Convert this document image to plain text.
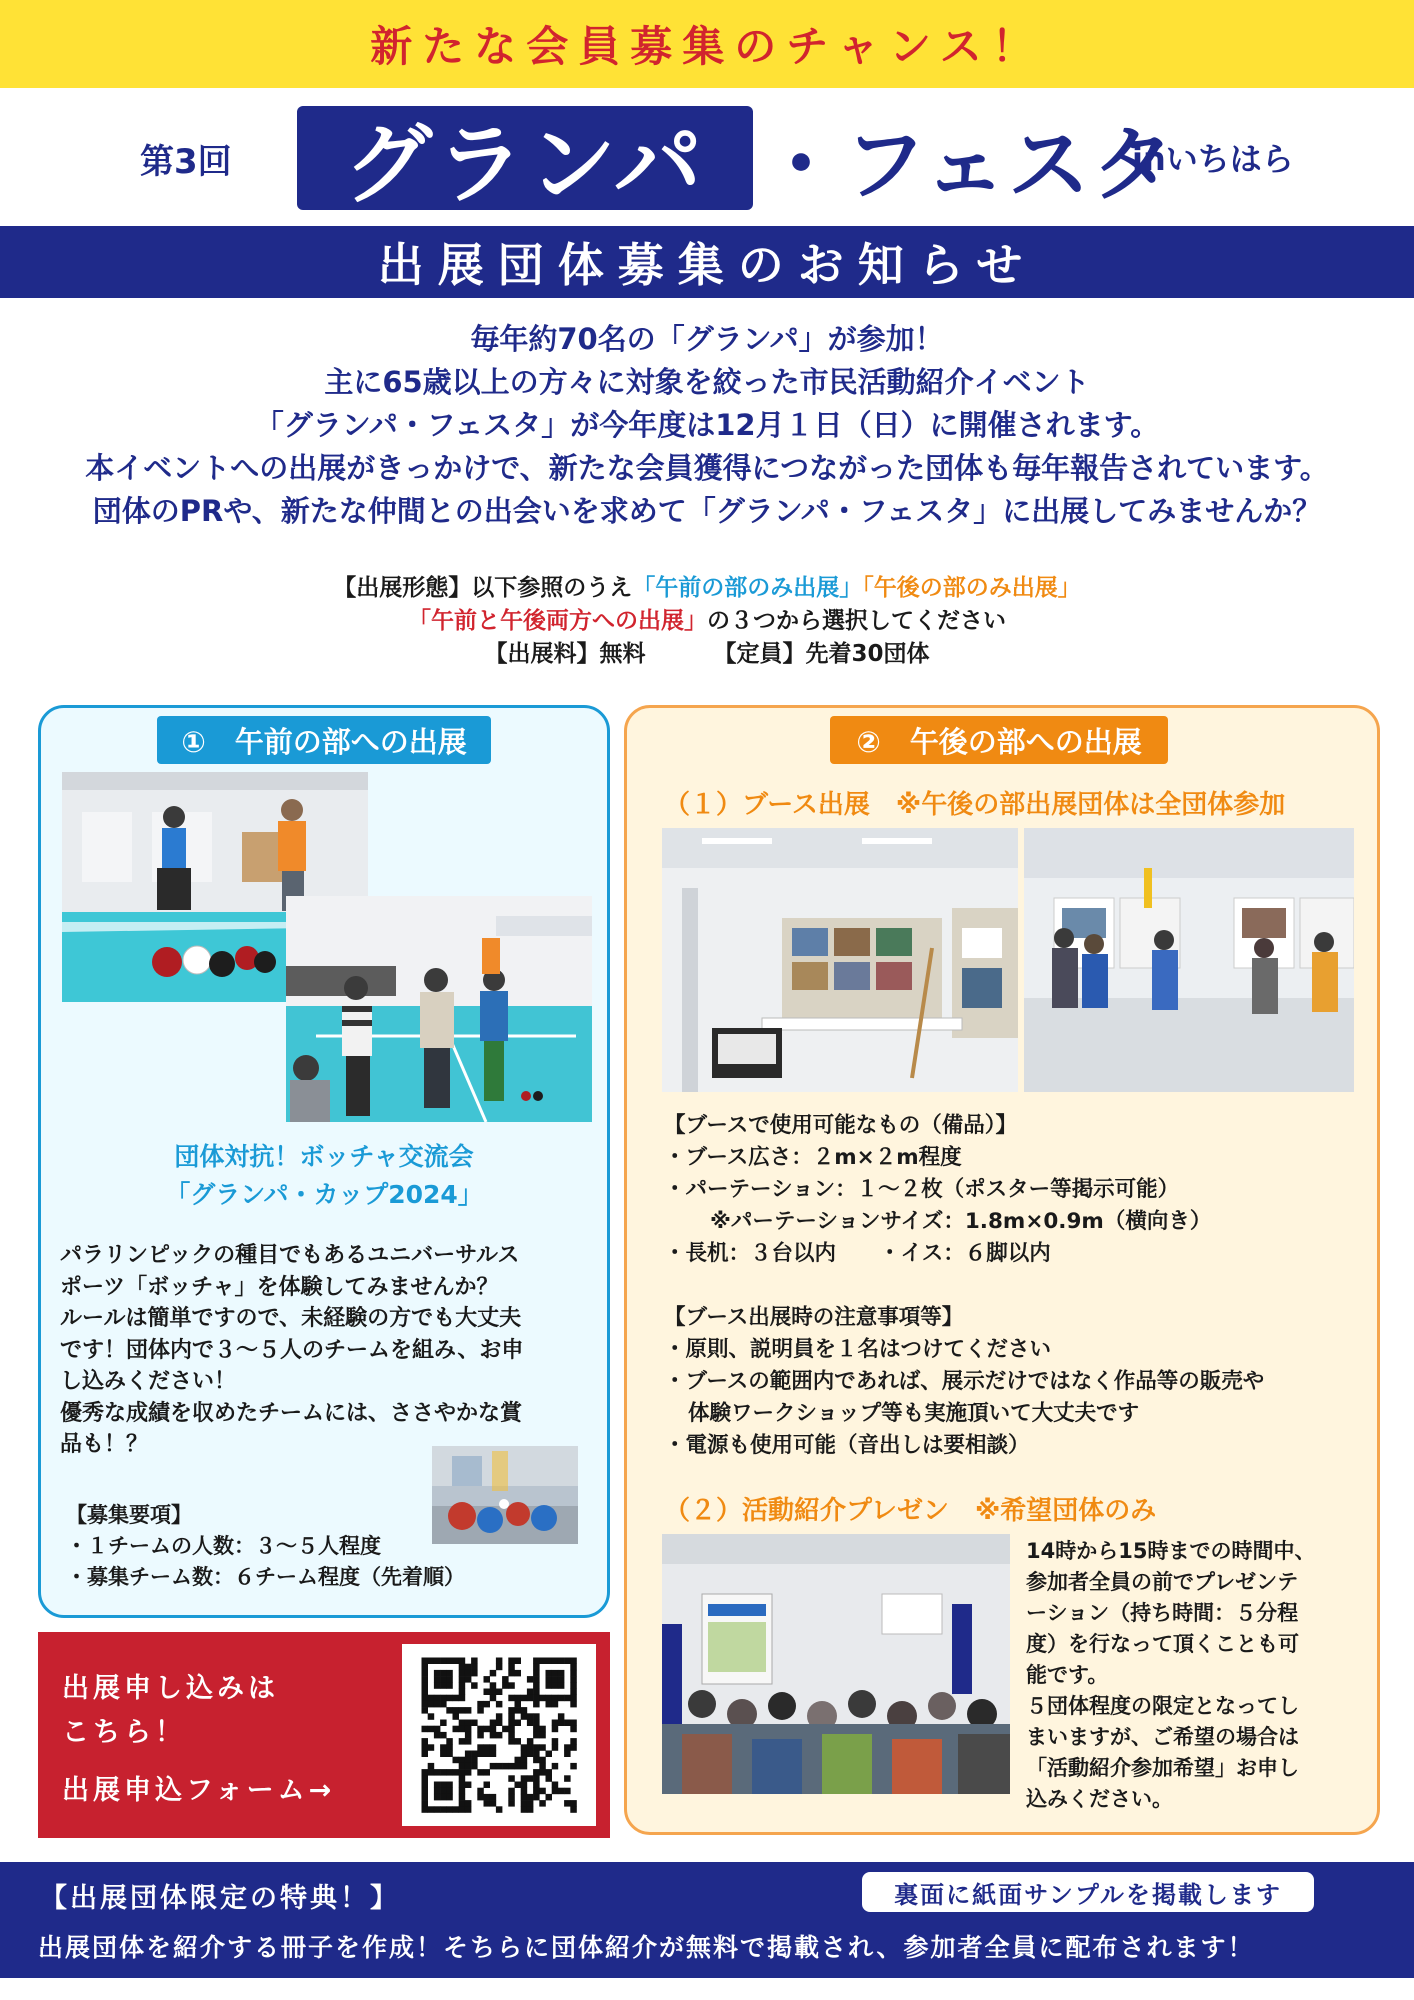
新たな会員募集のチャンス！
第3回 グランパ ・フェスタ
inいちはら
出展団体募集のお知らせ
毎年約70名の「グランパ」が参加！
主に65歳以上の方々に対象を絞った市民活動紹介イベント
「グランパ・フェスタ」が今年度は12月１日（日）に開催されます。
本イベントへの出展がきっかけで、新たな会員獲得につながった団体も毎年報告されています。
団体のPRや、新たな仲間との出会いを求めて「グランパ・フェスタ」に出展してみませんか？
【出展形態】以下参照のうえ「午前の部のみ出展」「午後の部のみ出展」
「午前と午後両方への出展」の３つから選択してください
【出展料】無料	【定員】先着30団体
①　午前の部への出展
団体対抗！ボッチャ交流会
「グランパ・カップ2024」
パラリンピックの種目でもあるユニバーサルス
ポーツ「ボッチャ」を体験してみませんか？
ルールは簡単ですので、未経験の方でも大丈夫
です！団体内で３～５人のチームを組み、お申
し込みください！
優秀な成績を収めたチームには、ささやかな賞
品も！？
【募集要項】
・１チームの人数：３～５人程度
・募集チーム数：６チーム程度（先着順）
出展申し込みは
こちら！
出展申込フォーム→
②　午後の部への出展
（１）ブース出展　※午後の部出展団体は全団体参加
【ブースで使用可能なもの（備品）】
・ブース広さ：２m×２m程度
・パーテーション：１～２枚（ポスター等掲示可能）
※パーテーションサイズ：1.8m×0.9m（横向き）
・長机：３台以内　　・イス：６脚以内
【ブース出展時の注意事項等】
・原則、説明員を１名はつけてください
・ブースの範囲内であれば、展示だけではなく作品等の販売や
体験ワークショップ等も実施頂いて大丈夫です
・電源も使用可能（音出しは要相談）
（２）活動紹介プレゼン　※希望団体のみ
14時から15時までの時間中、
参加者全員の前でプレゼンテ
ーション（持ち時間：５分程
度）を行なって頂くことも可
能です。
５団体程度の限定となってし
まいますが、ご希望の場合は
「活動紹介参加希望」お申し
込みください。
【出展団体限定の特典！】	裏面に紙面サンプルを掲載します
出展団体を紹介する冊子を作成！そちらに団体紹介が無料で掲載され、参加者全員に配布されます！
